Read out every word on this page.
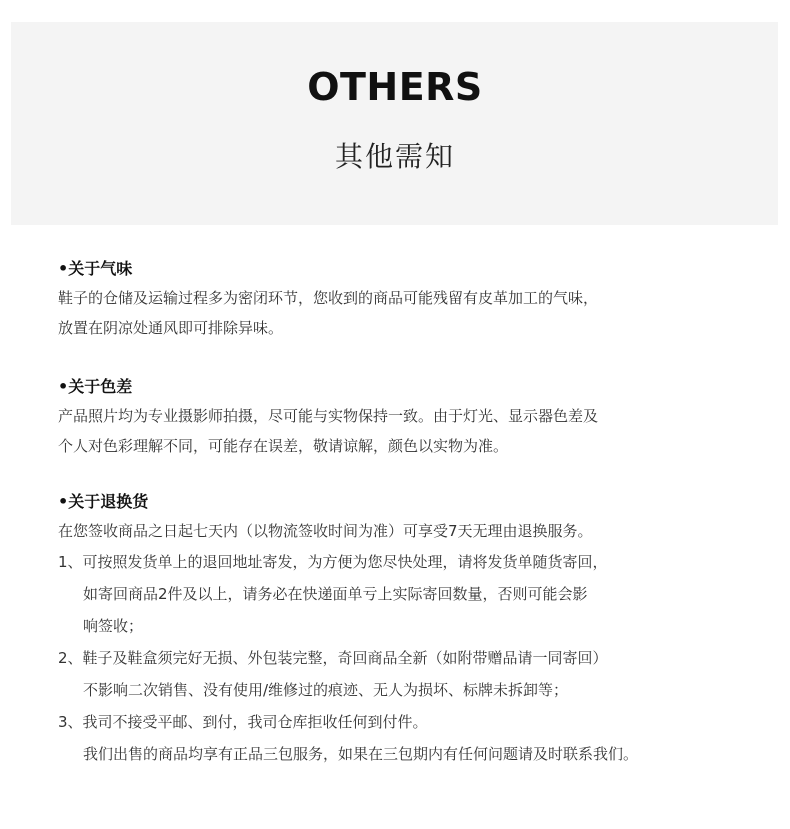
OTHERS
其他需知

•关于气味

鞋子的仓储及运输过程多为密闭环节，您收到的商品可能残留有皮革加工的气味，

放置在阴凉处通风即可排除异味。

•关于色差

产品照片均为专业摄影师拍摄，尽可能与实物保持一致。由于灯光、显示器色差及

个人对色彩理解不同，可能存在误差，敬请谅解，颜色以实物为准。

•关于退换货

在您签收商品之日起七天内（以物流签收时间为准）可享受7天无理由退换服务。

1、可按照发货单上的退回地址寄发，为方便为您尽快处理，请将发货单随货寄回，
如寄回商品2件及以上，请务必在快递面单亏上实际寄回数量，否则可能会影
响签收；
2、鞋子及鞋盒须完好无损、外包装完整，奇回商品全新（如附带赠品请一同寄回）
不影响二次销售、没有使用/维修过的痕迹、无人为损坏、标牌未拆卸等；
3、我司不接受平邮、到付，我司仓库拒收任何到付件。
我们出售的商品均享有正品三包服务，如果在三包期内有任何问题请及时联系我们。
